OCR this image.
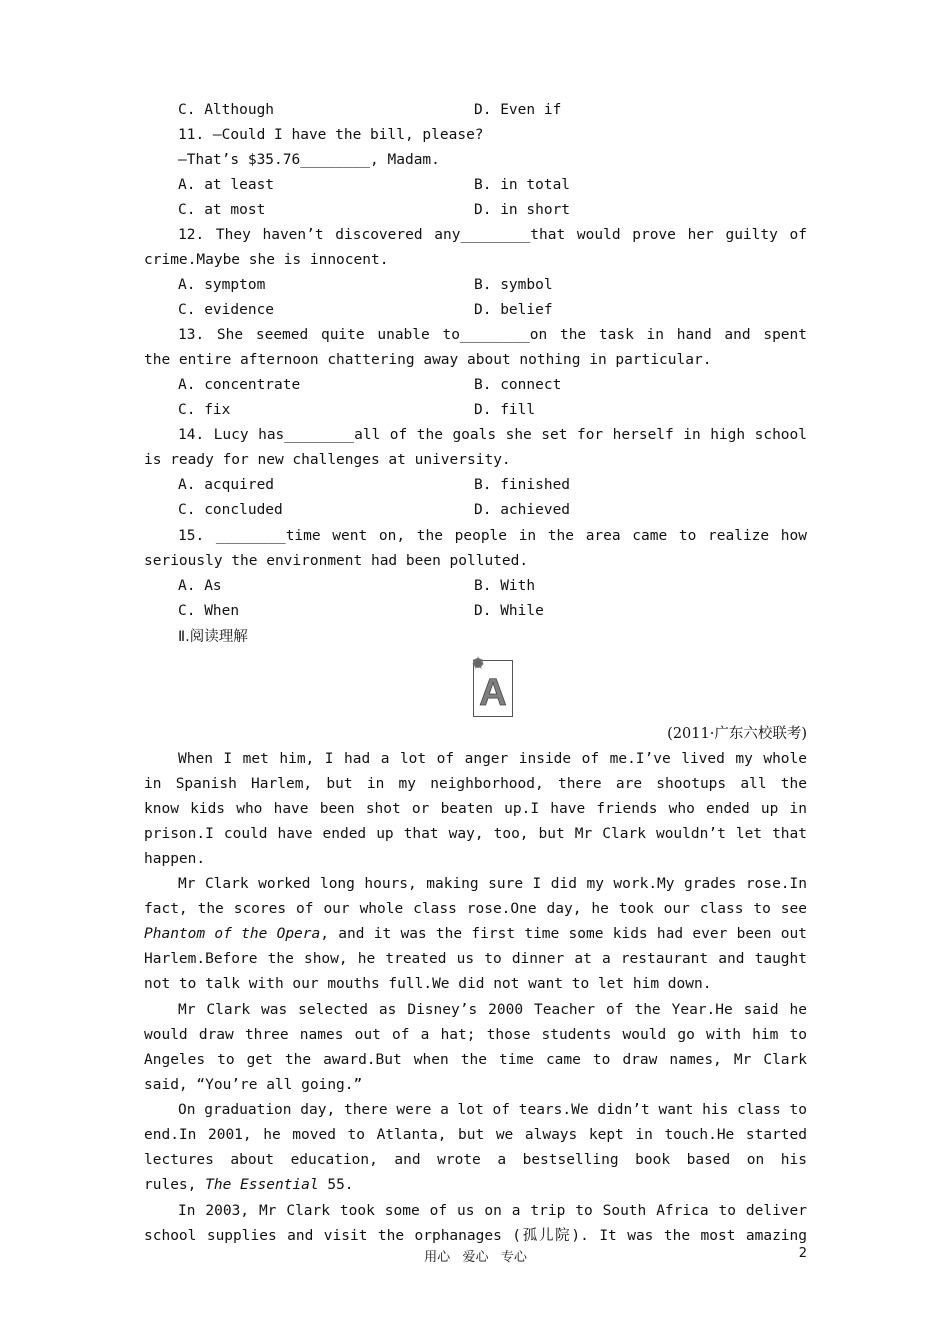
C. Although	D. Even if
11. —Could I have the bill, please?
—That’s $35.76________, Madam.
A. at least	B. in total
C. at most	D. in short
12. They haven’t discovered any________that would prove her guilty of
crime.Maybe she is innocent.
A. symptom	B. symbol
C. evidence	D. belief
13. She seemed quite unable to________on the task in hand and spent
the entire afternoon chattering away about nothing in particular.
A. concentrate	B. connect
C. fix	D. fill
14. Lucy has________all of the goals she set for herself in high school
is ready for new challenges at university.
A. acquired	B. finished
C. concluded	D. achieved
15. ________time went on, the people in the area came to realize how
seriously the environment had been polluted.
A. As	B. With
C. When	D. While
Ⅱ.阅读理解
A
(2011·广东六校联考)
When I met him, I had a lot of anger inside of me.I’ve lived my whole
in Spanish Harlem, but in my neighborhood, there are shootups all the
know kids who have been shot or beaten up.I have friends who ended up in
prison.I could have ended up that way, too, but Mr Clark wouldn’t let that
happen.
Mr Clark worked long hours, making sure I did my work.My grades rose.In
fact, the scores of our whole class rose.One day, he took our class to see
Phantom of the Opera, and it was the first time some kids had ever been out
Harlem.Before the show, he treated us to dinner at a restaurant and taught
not to talk with our mouths full.We did not want to let him down.
Mr Clark was selected as Disney’s 2000 Teacher of the Year.He said he
would draw three names out of a hat; those students would go with him to
Angeles to get the award.But when the time came to draw names, Mr Clark
said, “You’re all going.”
On graduation day, there were a lot of tears.We didn’t want his class to
end.In 2001, he moved to Atlanta, but we always kept in touch.He started
lectures about education, and wrote a bestselling book based on his
rules, The Essential 55.
In 2003, Mr Clark took some of us on a trip to South Africa to deliver
school supplies and visit the orphanages (孤儿院). It was the most amazing
用心   爱心   专心	2
